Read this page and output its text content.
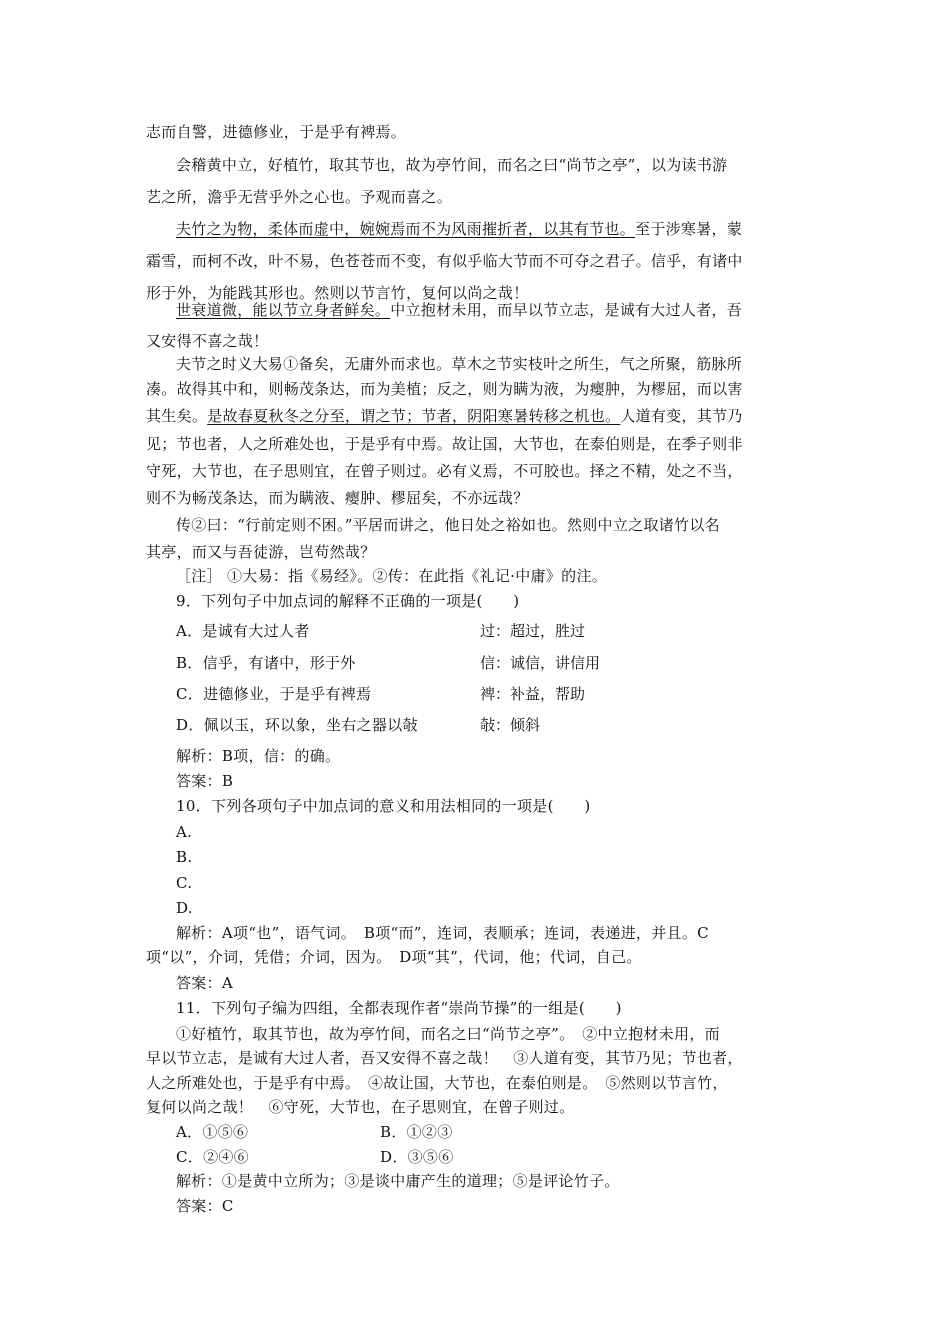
志而自警，进德修业，于是乎有裨焉。
会稽黄中立，好植竹，取其节也，故为亭竹间，而名之曰“尚节之亭”，以为读书游
艺之所，澹乎无营乎外之心也。予观而喜之。
夫竹之为物，柔体而虚中，婉婉焉而不为风雨摧折者，以其有节也。至于涉寒暑，蒙
霜雪，而柯不改，叶不易，色苍苍而不变，有似乎临大节而不可夺之君子。信乎，有诸中
形于外，为能践其形也。然则以节言竹，复何以尚之哉！
世衰道微，能以节立身者鲜矣。中立抱材未用，而早以节立志，是诚有大过人者，吾
又安得不喜之哉！
夫节之时义大易①备矣，无庸外而求也。草木之节实枝叶之所生，气之所聚，筋脉所
凑。故得其中和，则畅茂条达，而为美植；反之，则为瞒为液，为瘿肿，为樛屈，而以害
其生矣。是故春夏秋冬之分至，谓之节；节者，阴阳寒暑转移之机也。人道有变，其节乃
见；节也者，人之所难处也，于是乎有中焉。故让国，大节也，在泰伯则是，在季子则非
守死，大节也，在子思则宜，在曾子则过。必有义焉，不可胶也。择之不精，处之不当，
则不为畅茂条达，而为瞒液、瘿肿、樛屈矣，不亦远哉？
传②曰：“行前定则不困。”平居而讲之，他日处之裕如也。然则中立之取诸竹以名
其亭，而又与吾徒游，岂苟然哉？
［注］ ①大易：指《易经》。②传：在此指《礼记·中庸》的注。
9．下列句子中加点词的解释不正确的一项是(　　)
A．是诚有大过人者	过：超过，胜过
B．信乎，有诸中，形于外	信：诚信，讲信用
C．进德修业，于是乎有裨焉	裨：补益，帮助
D．佩以玉，环以象，坐右之器以敧	敧：倾斜
解析：B项，信：的确。
答案：B
10．下列各项句子中加点词的意义和用法相同的一项是(　　)
A.
B.
C.
D.
解析：A项“也”，语气词。　B项“而”，连词，表顺承；连词，表递进，并且。C
项“以”，介词，凭借；介词，因为。　D项“其”，代词，他；代词，自己。
答案：A
11．下列句子编为四组，全都表现作者“崇尚节操”的一组是(　　)
①好植竹，取其节也，故为亭竹间，而名之曰“尚节之亭”。　②中立抱材未用，而
早以节立志，是诚有大过人者，吾又安得不喜之哉！　③人道有变，其节乃见；节也者，
人之所难处也，于是乎有中焉。　④故让国，大节也，在泰伯则是。　⑤然则以节言竹，
复何以尚之哉！　⑥守死，大节也，在子思则宜，在曾子则过。
A．①⑤⑥	B．①②③
C．②④⑥	D．③⑤⑥
解析：①是黄中立所为；③是谈中庸产生的道理；⑤是评论竹子。
答案：C
